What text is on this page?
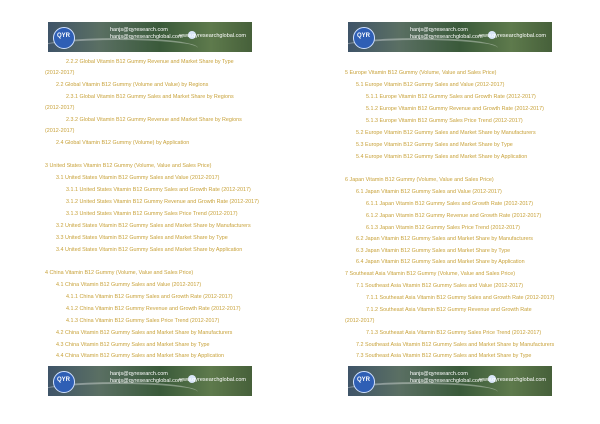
QYR
hanjs@qyresearch.com
hanjs@qyresearchglobal.com
www.qyresearchglobal.com
2.2.2 Global Vitamin B12 Gummy Revenue and Market Share by Type
(2012-2017)
2.2 Global Vitamin B12 Gummy (Volume and Value) by Regions
2.3.1 Global Vitamin B12 Gummy Sales and Market Share by Regions
(2012-2017)
2.3.2 Global Vitamin B12 Gummy Revenue and Market Share by Regions
(2012-2017)
2.4 Global Vitamin B12 Gummy (Volume) by Application
3 United States Vitamin B12 Gummy (Volume, Value and Sales Price)
3.1 United States Vitamin B12 Gummy Sales and Value (2012-2017)
3.1.1 United States Vitamin B12 Gummy Sales and Growth Rate (2012-2017)
3.1.2 United States Vitamin B12 Gummy Revenue and Growth Rate (2012-2017)
3.1.3 United States Vitamin B12 Gummy Sales Price Trend (2012-2017)
3.2 United States Vitamin B12 Gummy Sales and Market Share by Manufacturers
3.3 United States Vitamin B12 Gummy Sales and Market Share by Type
3.4 United States Vitamin B12 Gummy Sales and Market Share by Application
4 China Vitamin B12 Gummy (Volume, Value and Sales Price)
4.1 China Vitamin B12 Gummy Sales and Value (2012-2017)
4.1.1 China Vitamin B12 Gummy Sales and Growth Rate (2012-2017)
4.1.2 China Vitamin B12 Gummy Revenue and Growth Rate (2012-2017)
4.1.3 China Vitamin B12 Gummy Sales Price Trend (2012-2017)
4.2 China Vitamin B12 Gummy Sales and Market Share by Manufacturers
4.3 China Vitamin B12 Gummy Sales and Market Share by Type
4.4 China Vitamin B12 Gummy Sales and Market Share by Application
QYR
hanjs@qyresearch.com
hanjs@qyresearchglobal.com
www.qyresearchglobal.com
QYR
hanjs@qyresearch.com
hanjs@qyresearchglobal.com
www.qyresearchglobal.com
5 Europe Vitamin B12 Gummy (Volume, Value and Sales Price)
5.1 Europe Vitamin B12 Gummy Sales and Value (2012-2017)
5.1.1 Europe Vitamin B12 Gummy Sales and Growth Rate (2012-2017)
5.1.2 Europe Vitamin B12 Gummy Revenue and Growth Rate (2012-2017)
5.1.3 Europe Vitamin B12 Gummy Sales Price Trend (2012-2017)
5.2 Europe Vitamin B12 Gummy Sales and Market Share by Manufacturers
5.3 Europe Vitamin B12 Gummy Sales and Market Share by Type
5.4 Europe Vitamin B12 Gummy Sales and Market Share by Application
6 Japan Vitamin B12 Gummy (Volume, Value and Sales Price)
6.1 Japan Vitamin B12 Gummy Sales and Value (2012-2017)
6.1.1 Japan Vitamin B12 Gummy Sales and Growth Rate (2012-2017)
6.1.2 Japan Vitamin B12 Gummy Revenue and Growth Rate (2012-2017)
6.1.3 Japan Vitamin B12 Gummy Sales Price Trend (2012-2017)
6.2 Japan Vitamin B12 Gummy Sales and Market Share by Manufacturers
6.3 Japan Vitamin B12 Gummy Sales and Market Share by Type
6.4 Japan Vitamin B12 Gummy Sales and Market Share by Application
7 Southeast Asia Vitamin B12 Gummy (Volume, Value and Sales Price)
7.1 Southeast Asia Vitamin B12 Gummy Sales and Value (2012-2017)
7.1.1 Southeast Asia Vitamin B12 Gummy Sales and Growth Rate (2012-2017)
7.1.2 Southeast Asia Vitamin B12 Gummy Revenue and Growth Rate
(2012-2017)
7.1.3 Southeast Asia Vitamin B12 Gummy Sales Price Trend (2012-2017)
7.2 Southeast Asia Vitamin B12 Gummy Sales and Market Share by Manufacturers
7.3 Southeast Asia Vitamin B12 Gummy Sales and Market Share by Type
QYR
hanjs@qyresearch.com
hanjs@qyresearchglobal.com
www.qyresearchglobal.com
